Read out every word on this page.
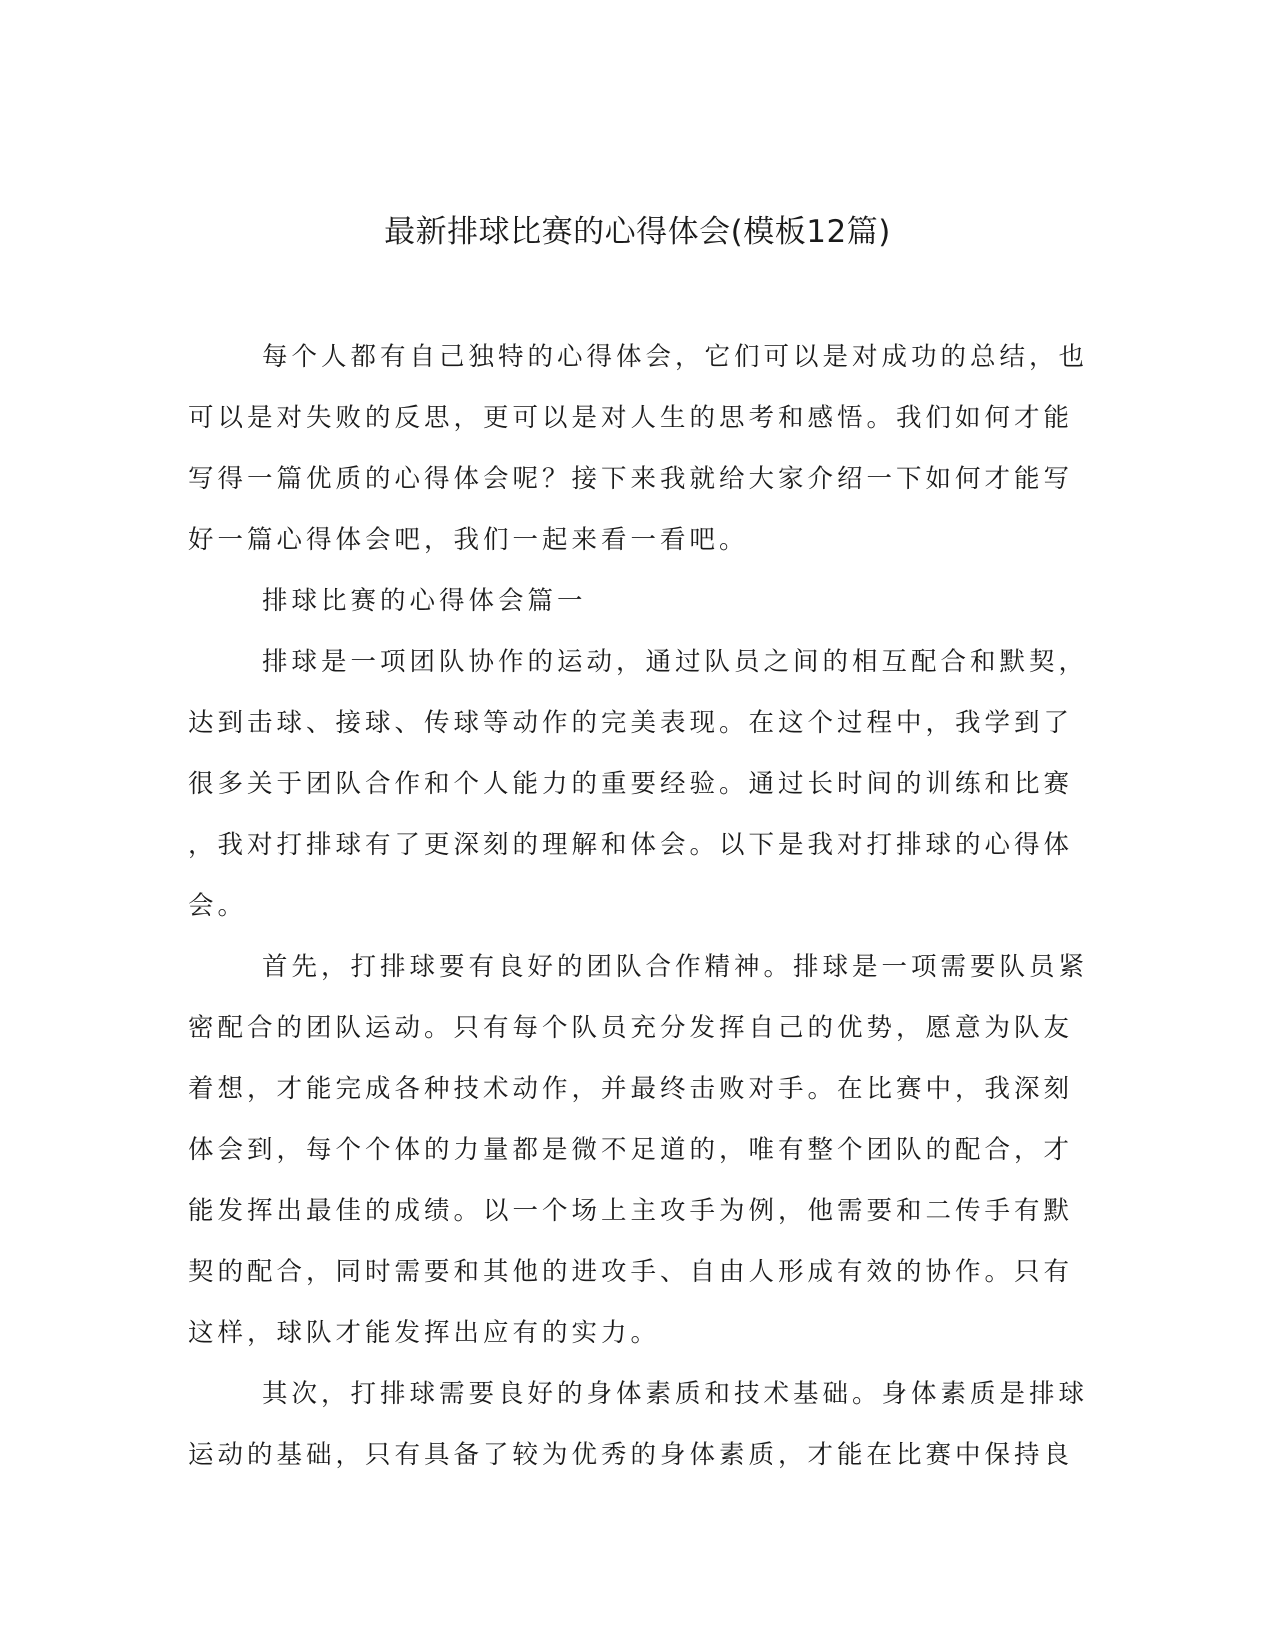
最新排球比赛的心得体会(模板12篇)
每个人都有自己独特的心得体会，它们可以是对成功的总结，也
可以是对失败的反思，更可以是对人生的思考和感悟。我们如何才能
写得一篇优质的心得体会呢？接下来我就给大家介绍一下如何才能写
好一篇心得体会吧，我们一起来看一看吧。
排球比赛的心得体会篇一
排球是一项团队协作的运动，通过队员之间的相互配合和默契，
达到击球、接球、传球等动作的完美表现。在这个过程中，我学到了
很多关于团队合作和个人能力的重要经验。通过长时间的训练和比赛
，我对打排球有了更深刻的理解和体会。以下是我对打排球的心得体
会。
首先，打排球要有良好的团队合作精神。排球是一项需要队员紧
密配合的团队运动。只有每个队员充分发挥自己的优势，愿意为队友
着想，才能完成各种技术动作，并最终击败对手。在比赛中，我深刻
体会到，每个个体的力量都是微不足道的，唯有整个团队的配合，才
能发挥出最佳的成绩。以一个场上主攻手为例，他需要和二传手有默
契的配合，同时需要和其他的进攻手、自由人形成有效的协作。只有
这样，球队才能发挥出应有的实力。
其次，打排球需要良好的身体素质和技术基础。身体素质是排球
运动的基础，只有具备了较为优秀的身体素质，才能在比赛中保持良
